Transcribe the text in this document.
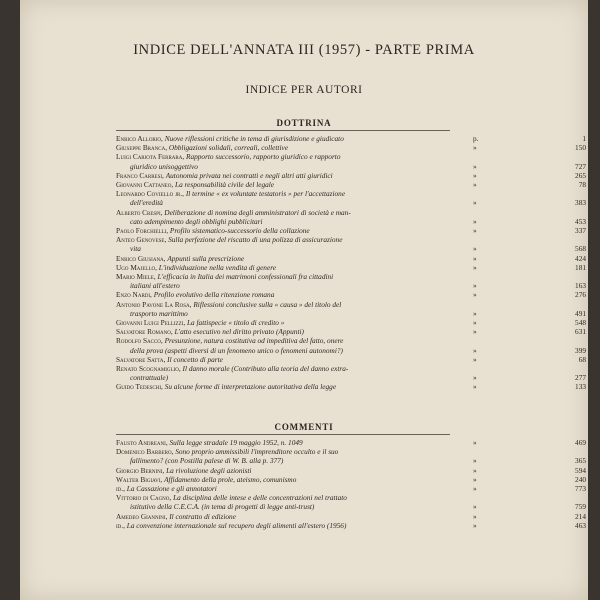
INDICE DELL'ANNATA III (1957) - PARTE PRIMA
INDICE PER AUTORI
DOTTRINA
Enrico Allorio, Nuove riflessioni critiche in tema di giurisdizione e giudicato	p.	1
Giuseppe Branca, Obbligazioni solidali, correali, collettive	»	150
Luigi Cariota Ferrara, Rapporto successorio, rapporto giuridico e rapporto
giuridico unisoggettivo	»	727
Franco Carresi, Autonomia privata nei contratti e negli altri atti giuridici	»	265
Giovanni Cattaneo, La responsabilità civile del legale	»	78
Leonardo Coviello jr., Il termine « ex voluntate testatoris » per l'accettazione
dell'eredità	»	383
Alberto Crespi, Deliberazione di nomina degli amministratori di società e man-
cato adempimento degli obblighi pubblicitari	»	453
Paolo Forchielli, Profilo sistematico-successorio della collazione	»	337
Anteo Genovese, Sulla perfezione del riscatto di una polizza di assicurazione
vita	»	568
Enrico Giusiana, Appunti sulla prescrizione	»	424
Ugo Majello, L'individuazione nella vendita di genere	»	181
Mario Miele, L'efficacia in Italia dei matrimoni confessionali fra cittadini
italiani all'estero	»	163
Enzo Nardi, Profilo evolutivo della ritenzione romana	»	276
Antonio Pavone La Rosa, Riflessioni conclusive sulla « causa » del titolo del
trasporto marittimo	»	491
Giovanni Luigi Pellizzi, La fattispecie « titolo di credito »	»	548
Salvatore Romano, L'atto esecutivo nel diritto privato (Appunti)	»	631
Rodolfo Sacco, Presunzione, natura costitutiva od impeditiva del fatto, onere
della prova (aspetti diversi di un fenomeno unico o fenomeni autonomi?)	»	399
Salvatore Satta, Il concetto di parte	»	68
Renato Scognamiglio, Il danno morale (Contributo alla teoria del danno extra-
contrattuale)	»	277
Guido Tedeschi, Su alcune forme di interpretazione autoritativa della legge	»	133
COMMENTI
Fausto Andreani, Sulla legge stradale 19 maggio 1952, n. 1049	»	469
Domenico Barbero, Sono proprio ammissibili l'imprenditore occulto e il suo
fallimento? (con Postilla palese di W. B. alla p. 377)	»	365
Giorgio Bernini, La rivoluzione degli azionisti	»	594
Walter Bigiavi, Affidamento della prole, ateismo, comunismo	»	240
id., La Cassazione e gli annotatori	»	773
Vittorio di Cagno, La disciplina delle intese e delle concentrazioni nel trattato
istitutivo della C.E.C.A. (in tema di progetti di legge anti-trust)	»	759
Amedeo Giannini, Il contratto di edizione	»	214
id., La convenzione internazionale sul recupero degli alimenti all'estero (1956)	»	463
